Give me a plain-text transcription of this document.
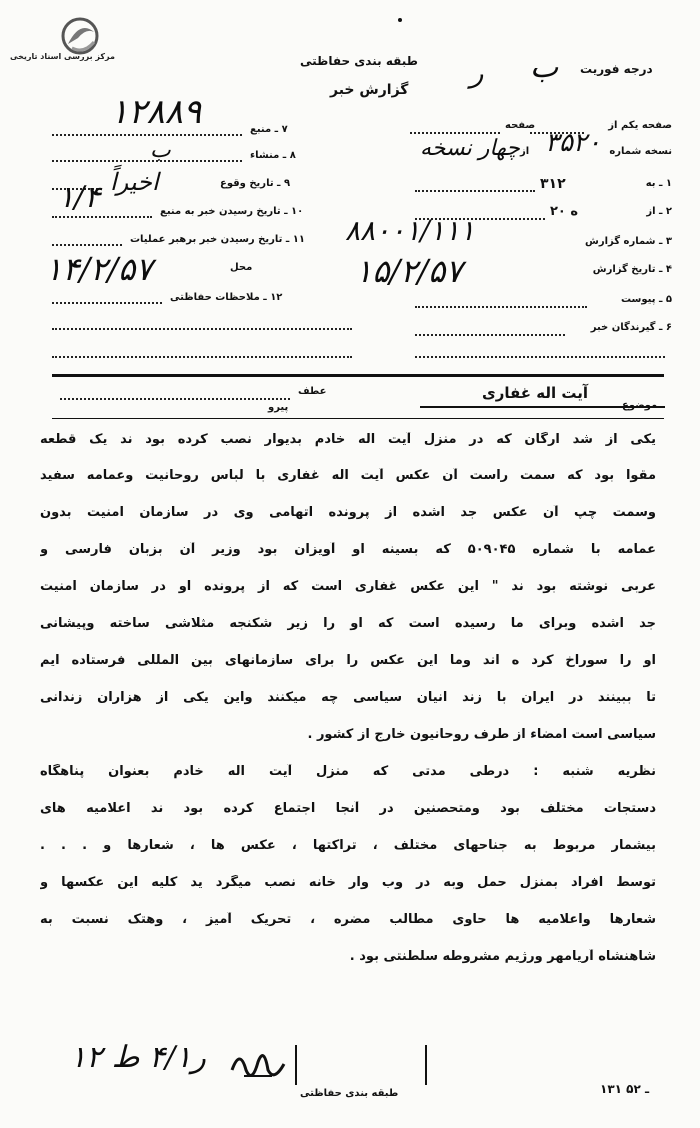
مرکز بررسی اسناد تاریخی	طبقه بندی حفاظتی
گزارش خبر
درجه فوریت
ب
ر
صفحه یکم از
صفحه
نسخه شماره
۳۵۲۰
از
چهار نسخه
۱ ـ به
۳۱۲
۲ ـ از
۲۰ ه
۳ ـ شماره گزارش
۸۸۰۰۱/۱۱۱
۴ ـ تاریخ گزارش
۱۵/۲/۵۷
۵ ـ پیوست
۶ ـ گیرندگان خبر
۷ ـ منبع
۱۲۸۸۹
۸ ـ منشاء
ب
۹ ـ تاریخ وقوع
اخیراً
۱۰ ـ تاریخ رسیدن خبر به منبع
۱/۴
۱۱ ـ تاریخ رسیدن خبر برهبر عملیات
محل
۱۴/۲/۵۷
۱۲ ـ ملاحظات حفاظتی
عطف
پیرو
آیت اله غفاری
موضوع
یکی از شد ارگان که در منزل آیت اله خادم بدیوار نصب کرده بود ند یک قطعه
مقوا بود که سمت راست آن عکس آیت اله غفاری با لباس روحانیت وعمامه سفید
وسمت چپ آن عکس جد اشده از پرونده اتهامی وی در سازمان امنیت بدون
عمامه با شماره ۵۰۹۰۴۵ که بسینه او آویزان بود وزیر آن بزبان فارسی و
عربی نوشته بود ند " این عکس غفاری است که از پرونده او در سازمان امنیت
جد اشده وبرای ما رسیده است که او را زیر شکنجه مثلاشی ساخته وپیشانی
او را سوراخ کرد ه اند وما این عکس را برای سازمانهای بین المللی فرستاده ایم
تا ببینند در ایران با زند انیان سیاسی چه میکنند واین یکی از هزاران زندانی
سیاسی است امضاء از طرف روحانیون خارج از کشور .
نظریه شنبه : درطی مدتی که منزل آیت اله خادم بعنوان پناهگاه
دستجات مختلف بود ومتحصنین در آنجا اجتماع کرده بود ند اعلامیه های
بیشمار مربوط به جناحهای مختلف ، تراکتها ، عکس ها ، شعارها و . . .
توسط افراد بمنزل حمل وبه در وب وار خانه نصب میگرد ید کلیه این عکسها و
شعارها واعلامیه ها حاوی مطالب مضره ، تحریک آمیز ، وهتک نسبت به
شاهنشاه آریامهر ورژیم مشروطه سلطنتی بود .
۱۲ ر۴/۱ ط
طبقه بندی حفاظتی	۱۳۱ ـ ۵۲
